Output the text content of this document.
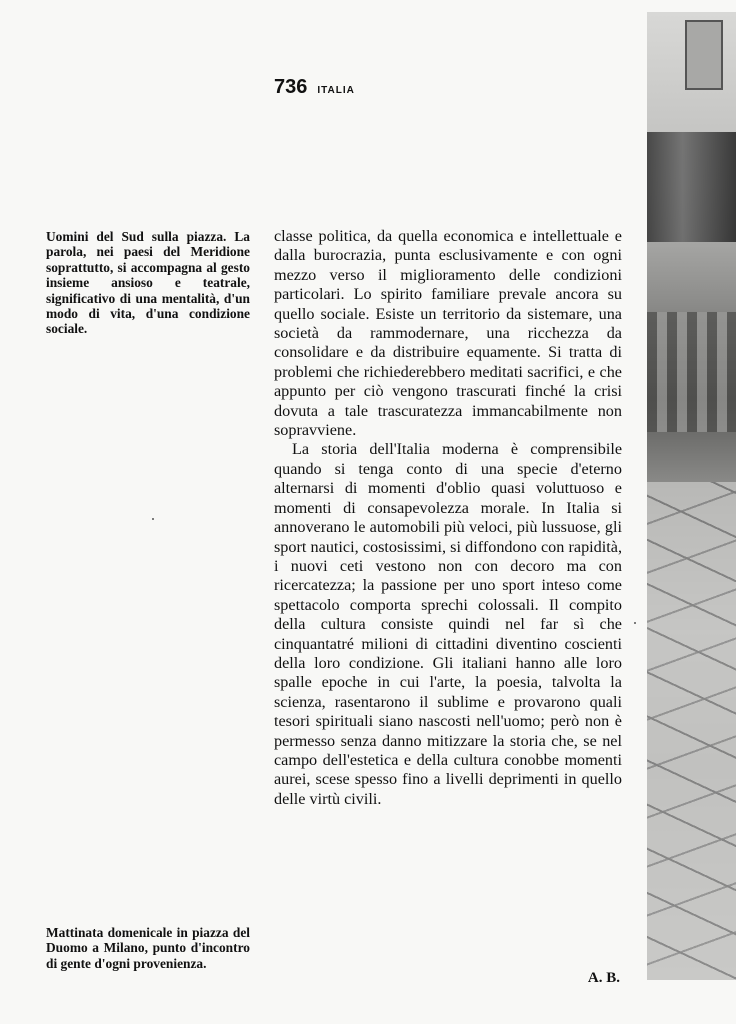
736 ITALIA

Uomini del Sud sulla piazza. La parola, nei paesi del Meridione soprattutto, si accompagna al gesto insieme ansioso e teatrale, significativo di una mentalità, d'un modo di vita, d'una condizione sociale.

Mattinata domenicale in piazza del Duomo a Milano, punto d'incontro di gente d'ogni provenienza.

classe politica, da quella economica e intellettuale e dalla burocrazia, punta esclusivamente e con ogni mezzo verso il miglioramento delle condizioni particolari. Lo spirito familiare prevale ancora su quello sociale. Esiste un territorio da sistemare, una società da rammodernare, una ricchezza da consolidare e da distribuire equamente. Si tratta di problemi che richiederebbero meditati sacrifici, e che appunto per ciò vengono trascurati finché la crisi dovuta a tale trascuratezza immancabilmente non sopravviene.

La storia dell'Italia moderna è comprensibile quando si tenga conto di una specie d'eterno alternarsi di momenti d'oblio quasi voluttuoso e momenti di consapevolezza morale. In Italia si annoverano le automobili più veloci, più lussuose, gli sport nautici, costosissimi, si diffondono con rapidità, i nuovi ceti vestono non con decoro ma con ricercatezza; la passione per uno sport inteso come spettacolo comporta sprechi colossali. Il compito della cultura consiste quindi nel far sì che cinquantatré milioni di cittadini diventino coscienti della loro condizione. Gli italiani hanno alle loro spalle epoche in cui l'arte, la poesia, talvolta la scienza, rasentarono il sublime e provarono quali tesori spirituali siano nascosti nell'uomo; però non è permesso senza danno mitizzare la storia che, se nel campo dell'estetica e della cultura conobbe momenti aurei, scese spesso fino a livelli deprimenti in quello delle virtù civili.

A. B.
